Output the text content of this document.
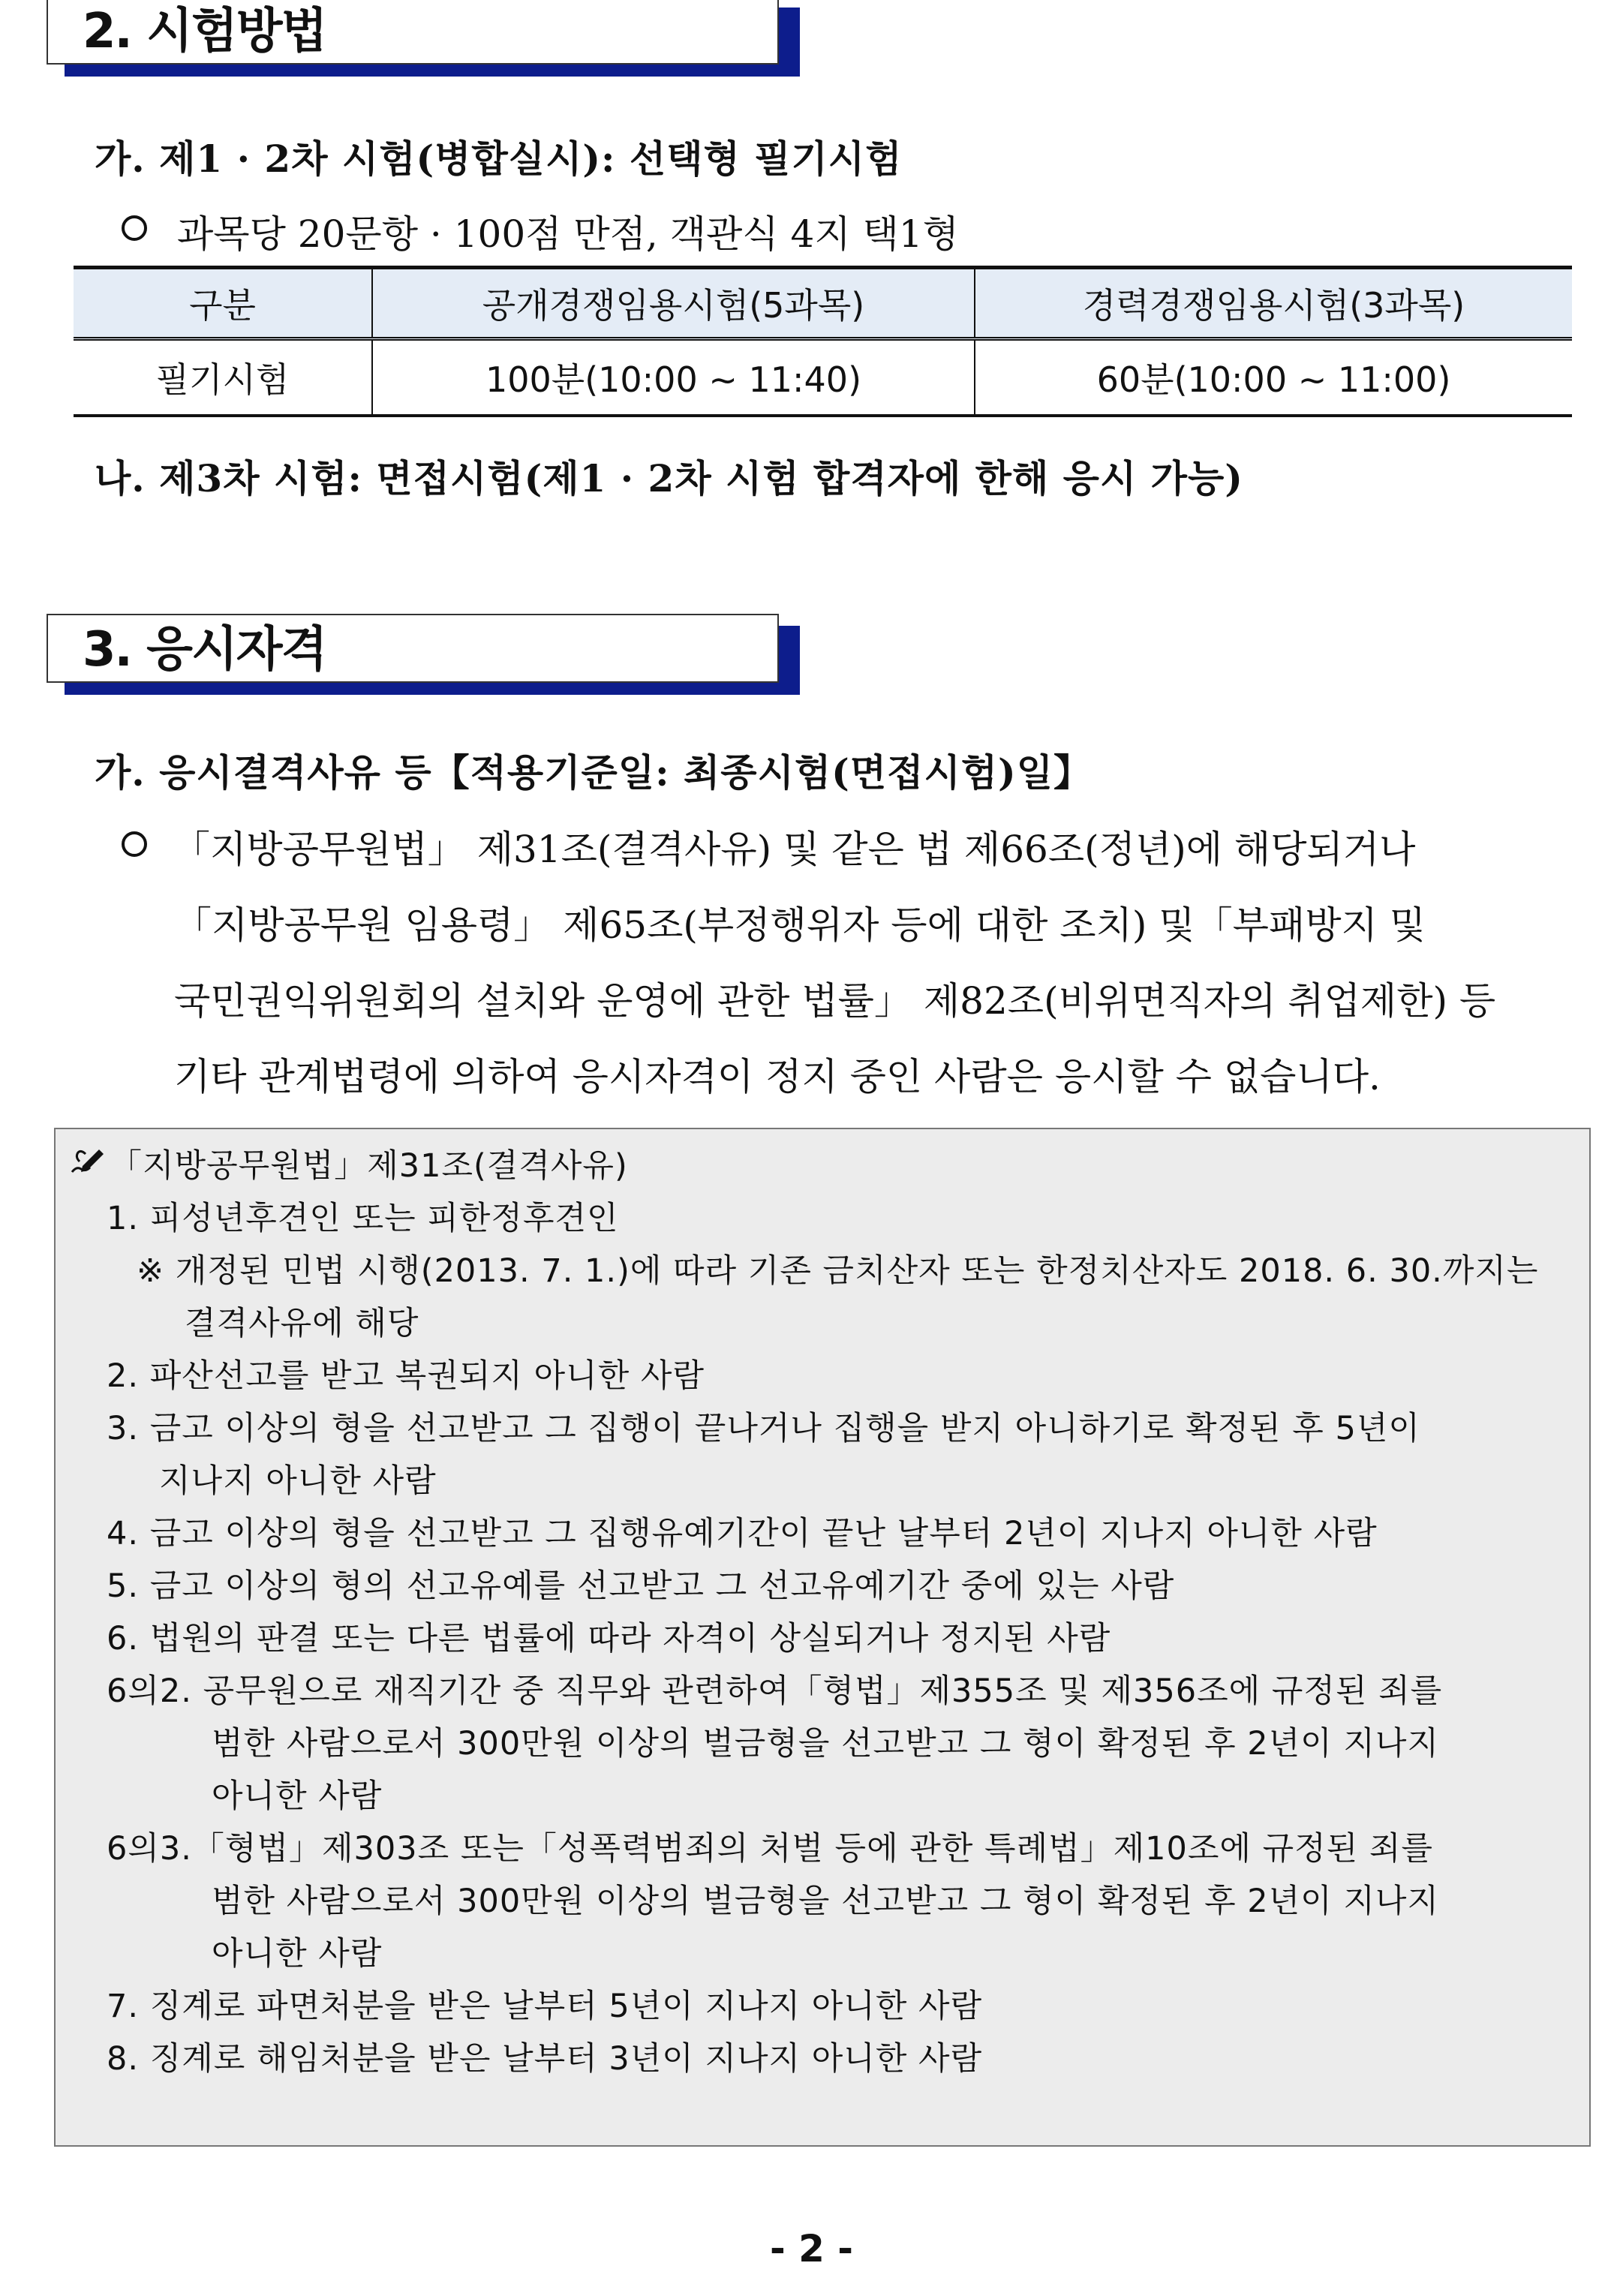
2. 시험방법
가. 제1 · 2차 시험(병합실시): 선택형 필기시험
과목당 20문항 · 100점 만점, 객관식 4지 택1형
구분	공개경쟁임용시험(5과목)	경력경쟁임용시험(3과목)
필기시험	100분(10:00 ~ 11:40)	60분(10:00 ~ 11:00)
나. 제3차 시험: 면접시험(제1 · 2차 시험 합격자에 한해 응시 가능)
3. 응시자격
가. 응시결격사유 등【적용기준일: 최종시험(면접시험)일】
「지방공무원법」 제31조(결격사유) 및 같은 법 제66조(정년)에 해당되거나
「지방공무원 임용령」 제65조(부정행위자 등에 대한 조치) 및「부패방지 및
국민권익위원회의 설치와 운영에 관한 법률」 제82조(비위면직자의 취업제한) 등
기타 관계법령에 의하여 응시자격이 정지 중인 사람은 응시할 수 없습니다.
「지방공무원법」제31조(결격사유)
1. 피성년후견인 또는 피한정후견인
※ 개정된 민법 시행(2013. 7. 1.)에 따라 기존 금치산자 또는 한정치산자도 2018. 6. 30.까지는
결격사유에 해당
2. 파산선고를 받고 복권되지 아니한 사람
3. 금고 이상의 형을 선고받고 그 집행이 끝나거나 집행을 받지 아니하기로 확정된 후 5년이
지나지 아니한 사람
4. 금고 이상의 형을 선고받고 그 집행유예기간이 끝난 날부터 2년이 지나지 아니한 사람
5. 금고 이상의 형의 선고유예를 선고받고 그 선고유예기간 중에 있는 사람
6. 법원의 판결 또는 다른 법률에 따라 자격이 상실되거나 정지된 사람
6의2. 공무원으로 재직기간 중 직무와 관련하여「형법」제355조 및 제356조에 규정된 죄를
범한 사람으로서 300만원 이상의 벌금형을 선고받고 그 형이 확정된 후 2년이 지나지
아니한 사람
6의3.「형법」제303조 또는「성폭력범죄의 처벌 등에 관한 특례법」제10조에 규정된 죄를
범한 사람으로서 300만원 이상의 벌금형을 선고받고 그 형이 확정된 후 2년이 지나지
아니한 사람
7. 징계로 파면처분을 받은 날부터 5년이 지나지 아니한 사람
8. 징계로 해임처분을 받은 날부터 3년이 지나지 아니한 사람
- 2 -
